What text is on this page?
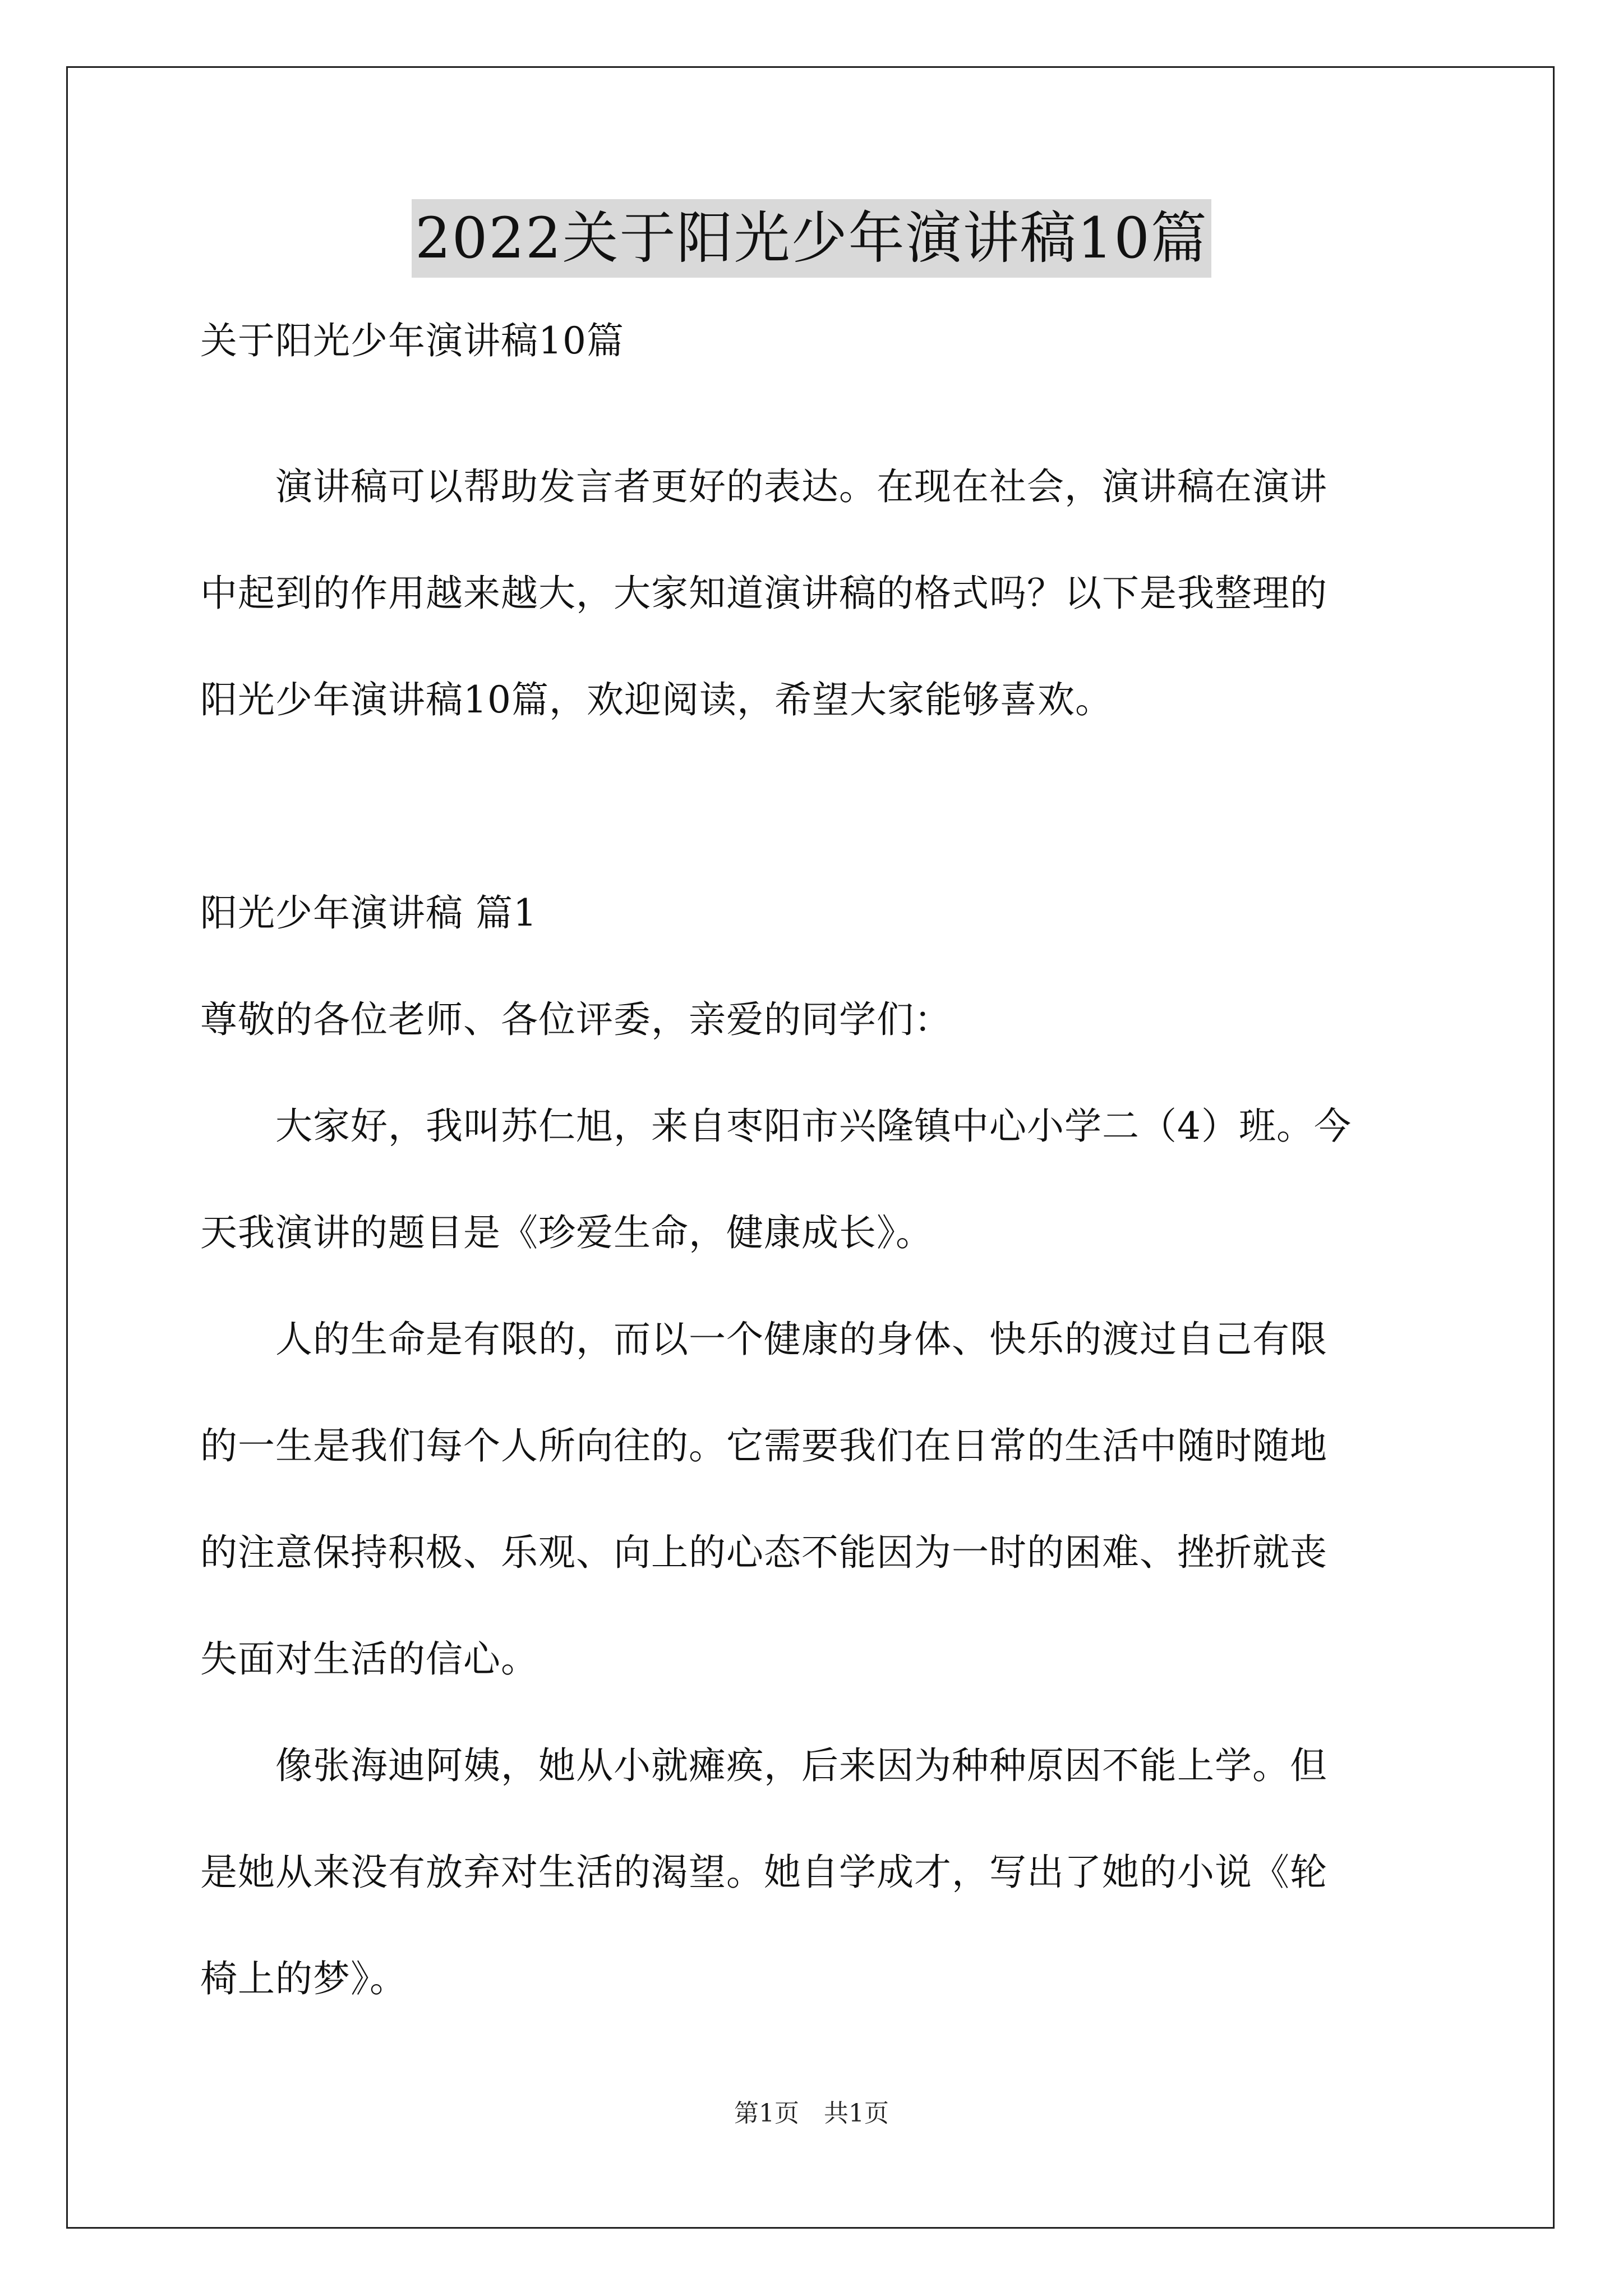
2022关于阳光少年演讲稿10篇
关于阳光少年演讲稿10篇
　　演讲稿可以帮助发言者更好的表达。在现在社会，演讲稿在演讲
中起到的作用越来越大，大家知道演讲稿的格式吗？以下是我整理的
阳光少年演讲稿10篇，欢迎阅读，希望大家能够喜欢。
阳光少年演讲稿 篇1
尊敬的各位老师、各位评委，亲爱的同学们：
　　大家好，我叫苏仁旭，来自枣阳市兴隆镇中心小学二（4）班。今
天我演讲的题目是《珍爱生命，健康成长》。
　　人的生命是有限的，而以一个健康的身体、快乐的渡过自己有限
的一生是我们每个人所向往的。它需要我们在日常的生活中随时随地
的注意保持积极、乐观、向上的心态不能因为一时的困难、挫折就丧
失面对生活的信心。
　　像张海迪阿姨，她从小就瘫痪，后来因为种种原因不能上学。但
是她从来没有放弃对生活的渴望。她自学成才，写出了她的小说《轮
椅上的梦》。
第1页　共1页
